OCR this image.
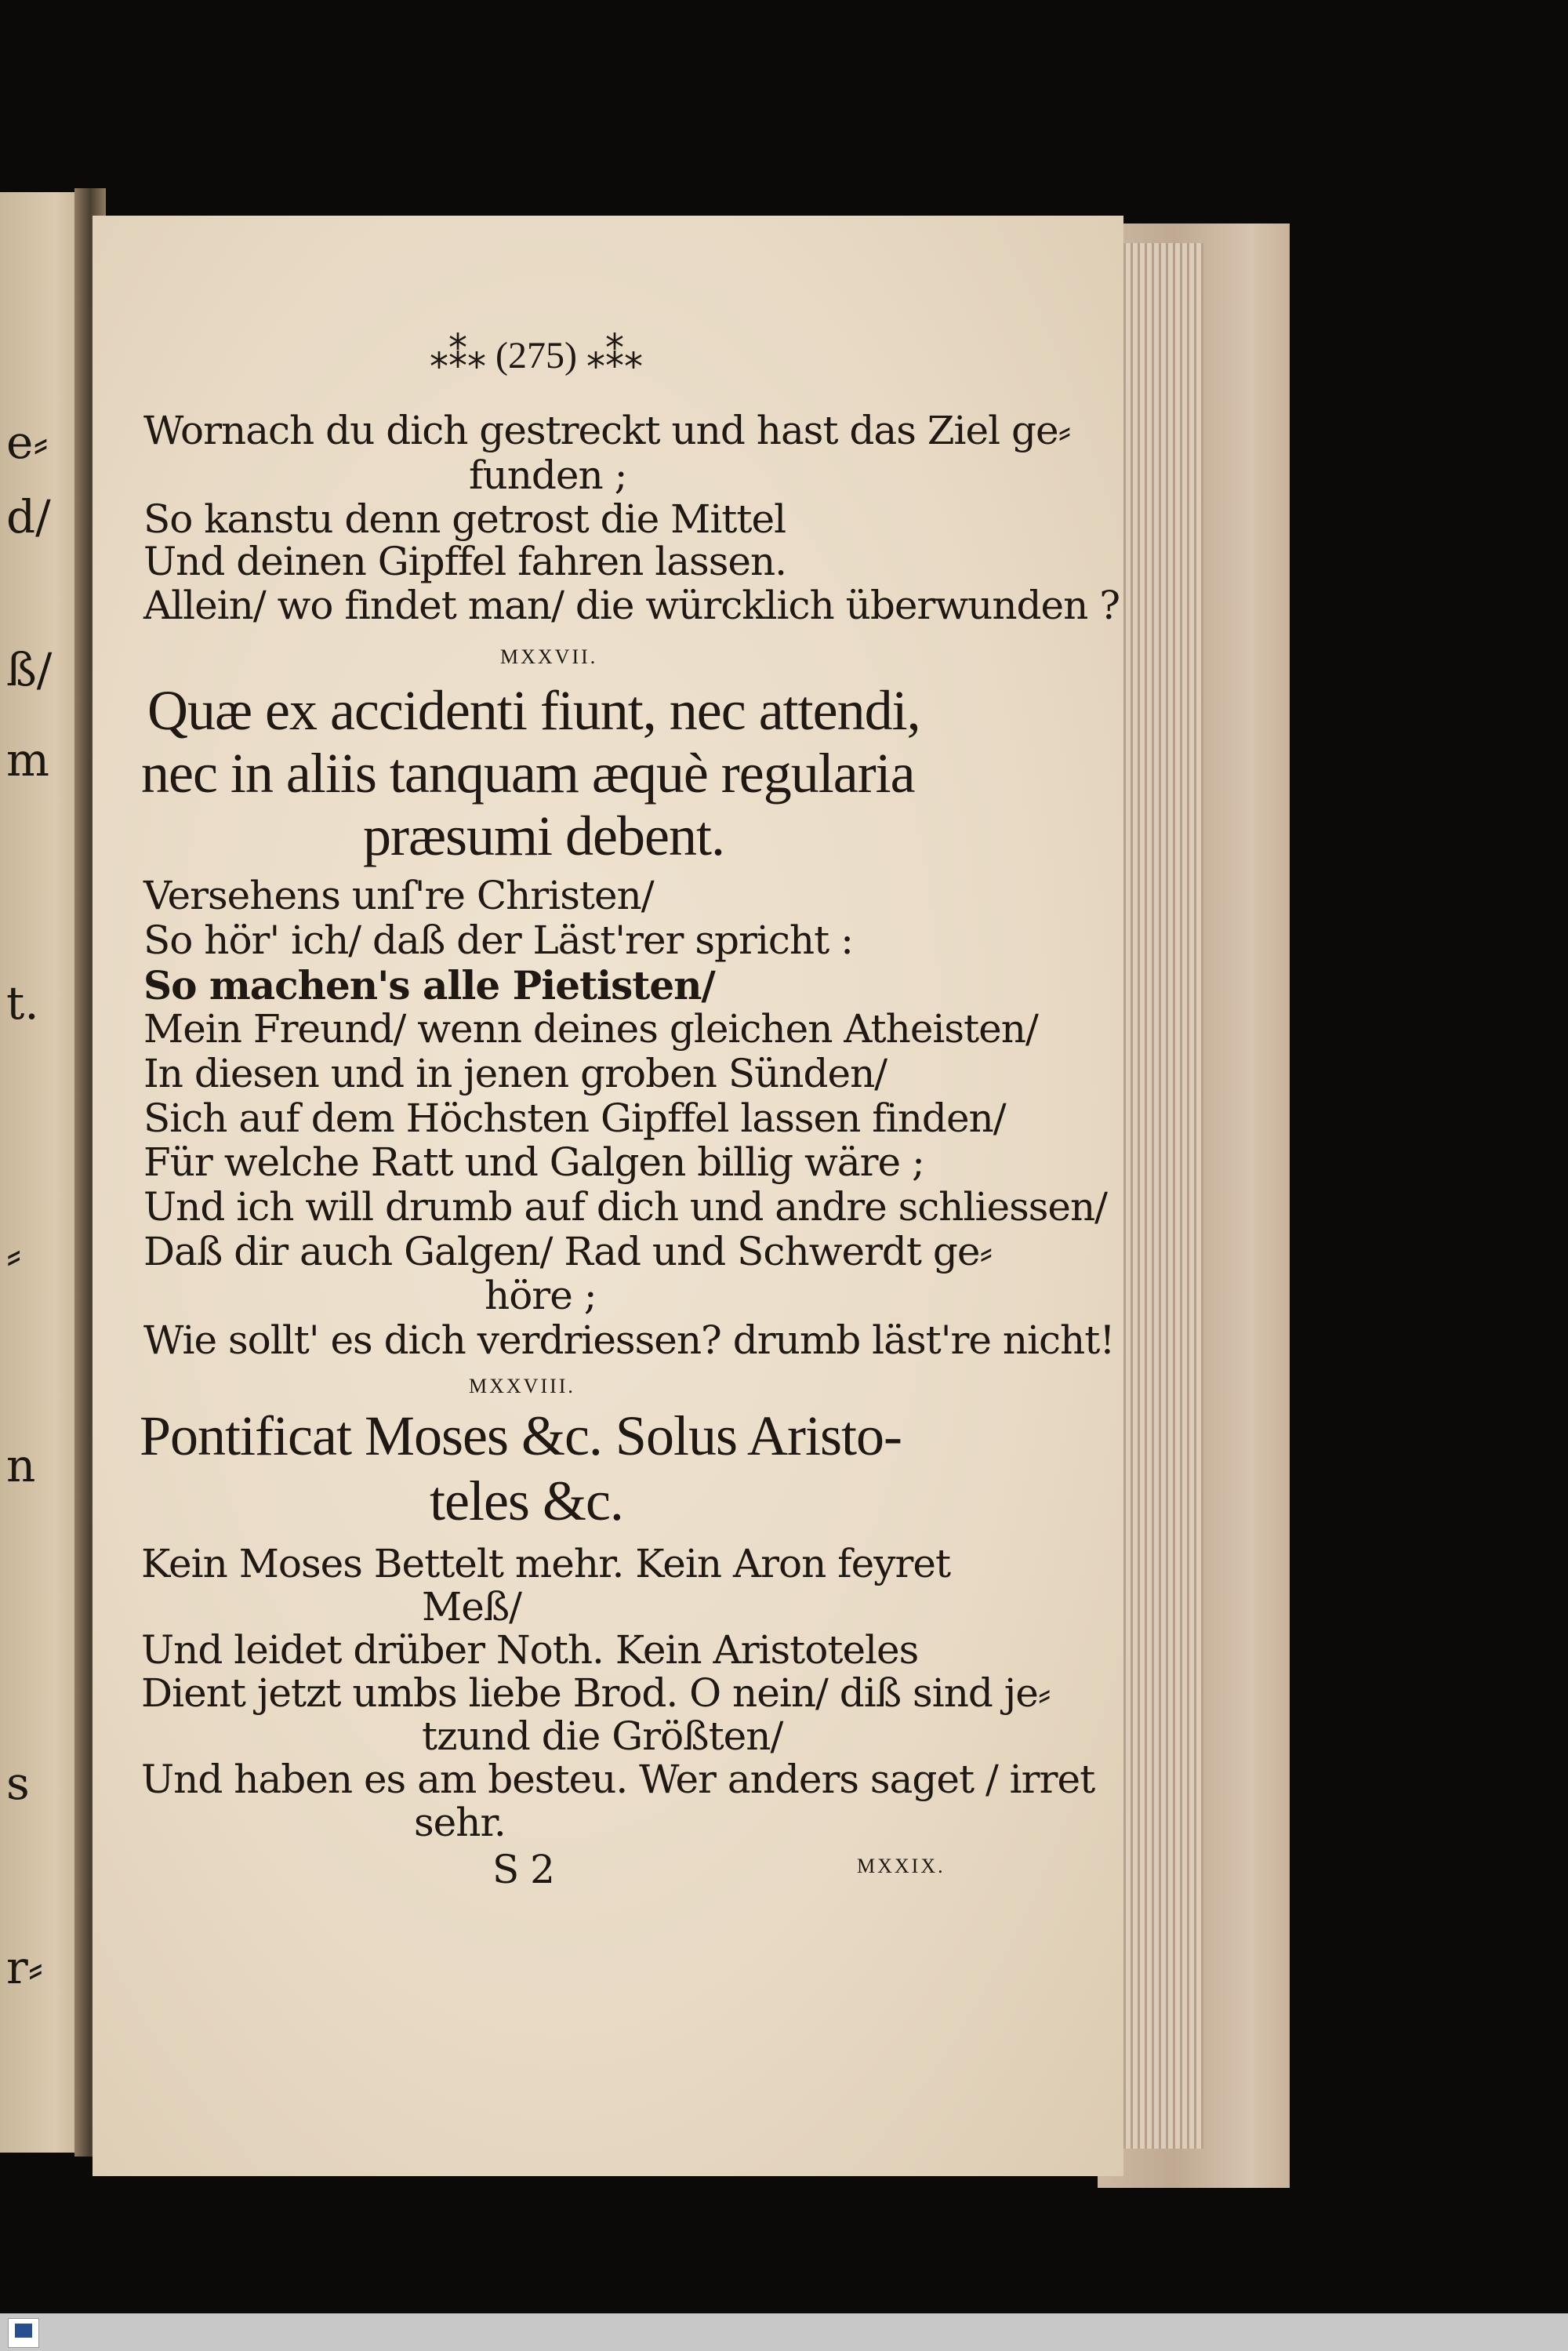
e⸗
d/
ß/
m
t.
⸗
n
s
r⸗
⁎⁑⁎ (275) ⁎⁑⁎
Wornach du dich gestreckt und hast das Ziel ge⸗
funden ;
So kanstu denn getrost die Mittel
Und deinen Gipffel fahren lassen.
Allein/ wo findet man/ die würcklich überwunden ?
MXXVII.
Quæ ex accidenti fiunt, nec attendi,
nec in aliis tanquam æquè regularia
præsumi debent.
Versehens unſ're Christen/
So hör' ich/ daß der Läst'rer spricht :
So machen's alle Pietisten/
Mein Freund/ wenn deines gleichen Atheisten/
In diesen und in jenen groben Sünden/
Sich auf dem Höchsten Gipffel lassen finden/
Für welche Ratt und Galgen billig wäre ;
Und ich will drumb auf dich und andre schliessen/
Daß dir auch Galgen/ Rad und Schwerdt ge⸗
höre ;
Wie sollt' es dich verdriessen? drumb läst're nicht!
MXXVIII.
Pontificat Moses &c. Solus Aristo-
teles &c.
Kein Moses Bettelt mehr. Kein Aron feyret
Meß/
Und leidet drüber Noth. Kein Aristoteles
Dient jetzt umbs liebe Brod. O nein/ diß sind je⸗
tzund die Größten/
Und haben es am besteu. Wer anders saget / irret
sehr.
S 2	MXXIX.
